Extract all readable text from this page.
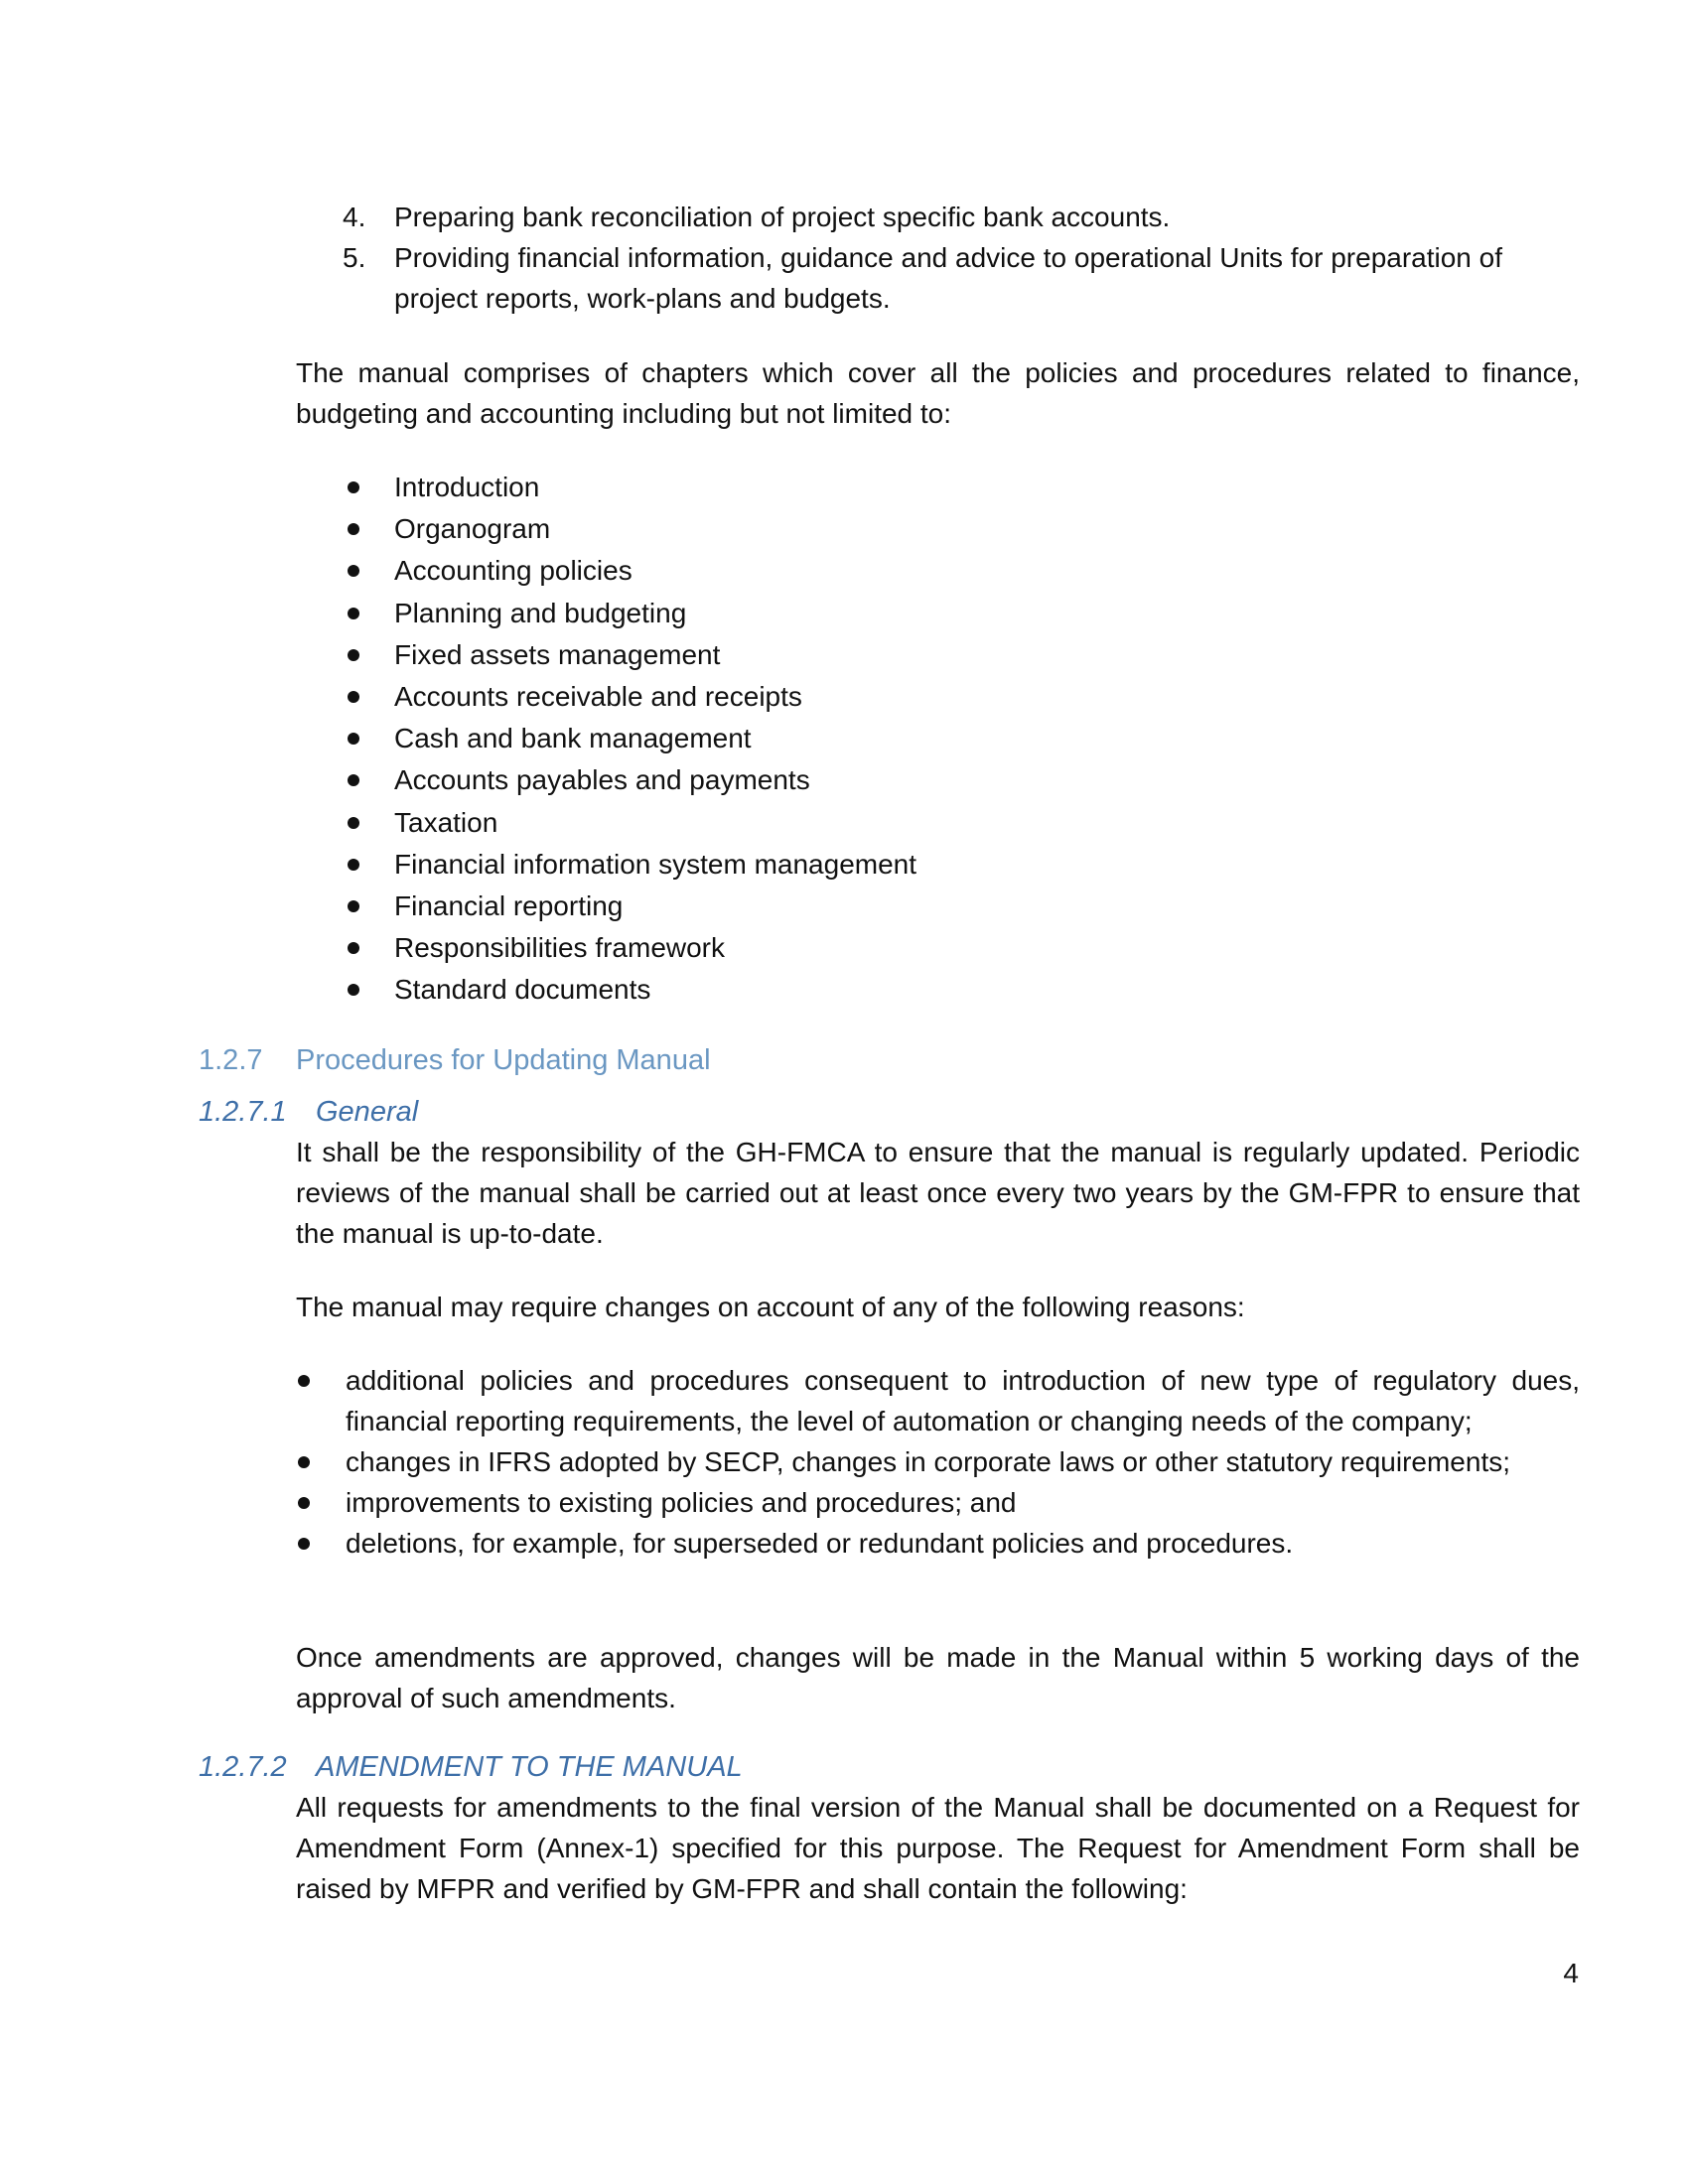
4. Preparing bank reconciliation of project specific bank accounts.
5. Providing financial information, guidance and advice to operational Units for preparation of project reports, work-plans and budgets.

The manual comprises of chapters which cover all the policies and procedures related to finance, budgeting and accounting including but not limited to:

Introduction
Organogram
Accounting policies
Planning and budgeting
Fixed assets management
Accounts receivable and receipts
Cash and bank management
Accounts payables and payments
Taxation
Financial information system management
Financial reporting
Responsibilities framework
Standard documents
1.2.7 Procedures for Updating Manual
1.2.7.1 General

It shall be the responsibility of the GH-FMCA to ensure that the manual is regularly updated. Periodic reviews of the manual shall be carried out at least once every two years by the GM-FPR to ensure that the manual is up-to-date.

The manual may require changes on account of any of the following reasons:

additional policies and procedures consequent to introduction of new type of regulatory dues, financial reporting requirements, the level of automation or changing needs of the company;
changes in IFRS adopted by SECP, changes in corporate laws or other statutory requirements;
improvements to existing policies and procedures; and
deletions, for example, for superseded or redundant policies and procedures.

Once amendments are approved, changes will be made in the Manual within 5 working days of the approval of such amendments.

1.2.7.2 AMENDMENT TO THE MANUAL

All requests for amendments to the final version of the Manual shall be documented on a Request for Amendment Form (Annex-1) specified for this purpose. The Request for Amendment Form shall be raised by MFPR and verified by GM-FPR and shall contain the following:

4
